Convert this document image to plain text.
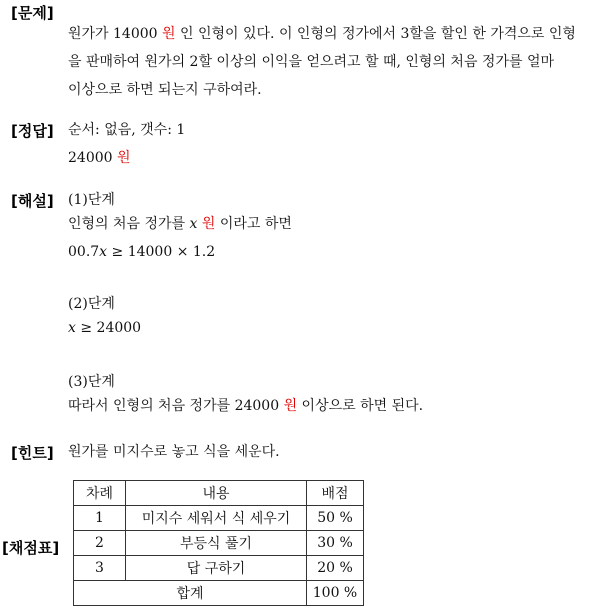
[문제]
원가가 14000 원 인 인형이 있다. 이 인형의 정가에서 3할을 할인 한 가격으로 인형
을 판매하여 원가의 2할 이상의 이익을 얻으려고 할 때, 인형의 처음 정가를 얼마
이상으로 하면 되는지 구하여라.
[정답] 순서: 없음, 갯수: 1
24000 원
[해설] (1)단계
인형의 처음 정가를 x 원 이라고 하면
00.7x ≥ 14000 × 1.2
(2)단계
x ≥ 24000
(3)단계
따라서 인형의 처음 정가를 24000 원 이상으로 하면 된다.
[힌트] 원가를 미지수로 놓고 식을 세운다.
[채점표]
차례	내용	배점
1	미지수 세워서 식 세우기	50 %
2	부등식 풀기	30 %
3	답 구하기	20 %
합계		100 %
